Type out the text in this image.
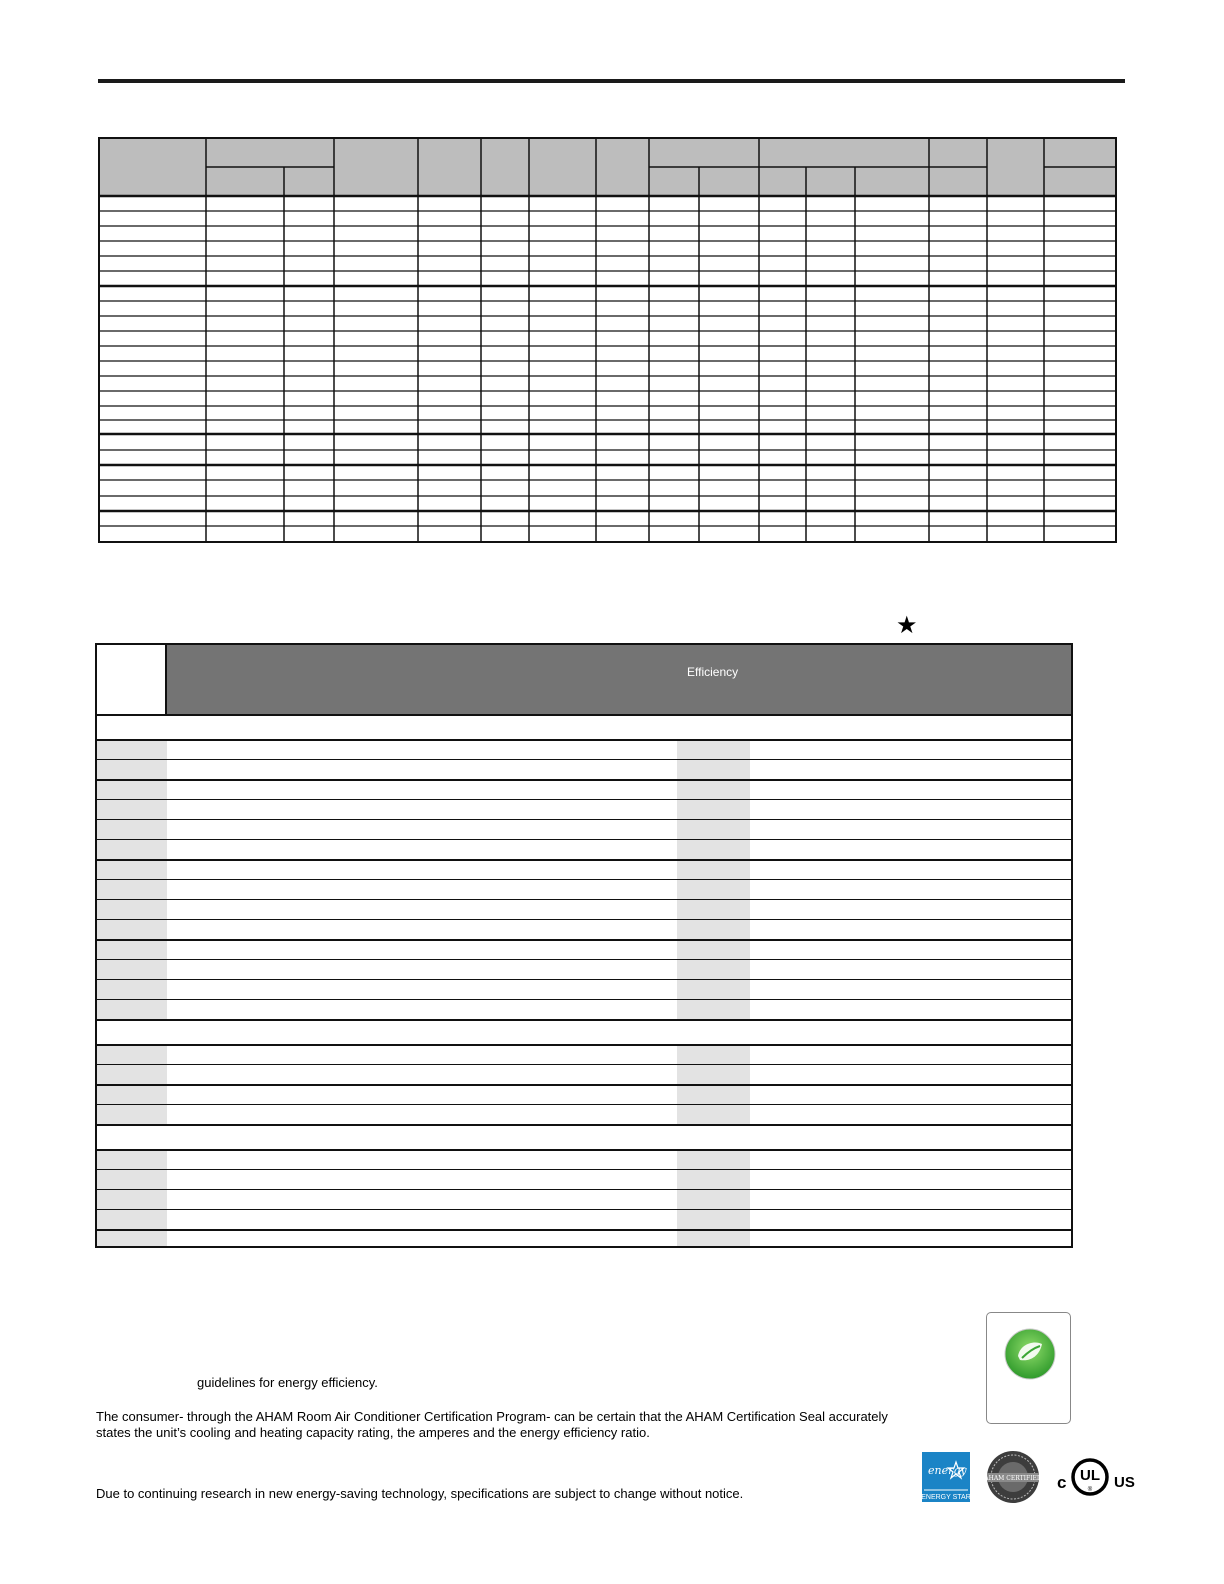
★
Efficiency
guidelines for energy efficiency.
The consumer- through the AHAM Room Air Conditioner Certification Program- can be certain that the AHAM Certification Seal accurately states the unit’s cooling and heating capacity rating, the amperes and the energy efficiency ratio.
Due to continuing research in new energy-saving technology, specifications are subject to change without notice.
energy
ENERGY STAR
AHAM CERTIFIED c UL
® US
